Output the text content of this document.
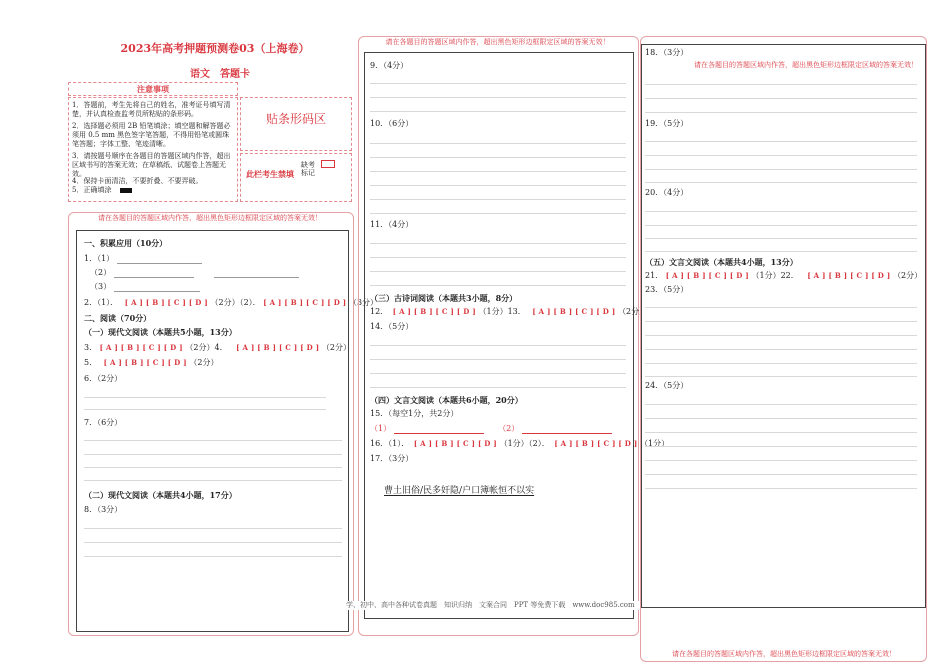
2023年高考押题预测卷03（上海卷）
语文　答题卡
注意事项
1．答题前，考生先将自己的姓名，准考证号填写清楚，并认真检查监考员所粘贴的条形码。
2．选择题必须用 2B 铅笔填涂；填空题和解答题必须用 0.5 mm 黑色签字笔答题，不得用铅笔或圆珠笔答题；字体工整、笔迹清晰。
3．请按题号顺序在各题目的答题区域内作答，超出区域书写的答案无效；在草稿纸、试题卷上答题无效。
4．保持卡面清洁，不要折叠、不要弄破。
5．正确填涂
贴条形码区
此栏考生禁填
缺考标记
请在各题目的答题区域内作答，超出黑色矩形边框限定区域的答案无效！
一、积累应用（10分）
1．（1）
（2）
（3）
2．（1）． [ A ] [ B ] [ C ] [ D ] （2分）（2）． [ A ] [ B ] [ C ] [ D ] （3分）
二、阅读（70分）
（一）现代文阅读（本题共5小题，13分）
3． [ A ] [ B ] [ C ] [ D ] （2分）4． [ A ] [ B ] [ C ] [ D ] （2分）
5． [ A ] [ B ] [ C ] [ D ] （2分）
6．（2分）
7．（6分）
（二）现代文阅读（本题共4小题，17分）
8．（3分）
请在各题目的答题区域内作答，超出黑色矩形边框限定区域的答案无效！
9．（4分）
10．（6分）
11．（4分）
（三）古诗词阅读（本题共3小题，8分）
12． [ A ] [ B ] [ C ] [ D ] （1分）13． [ A ] [ B ] [ C ] [ D ] （2分）
14．（5分）
（四）文言文阅读（本题共6小题，20分）
15．（每空1分，共2分）
（1）	（2）
16．（1）． [ A ] [ B ] [ C ] [ D ] （1分）（2）． [ A ] [ B ] [ C ] [ D ] （1分）
17．（3分）
曹土旧俗/民多奸隐/户口簿帐恒不以实
学、初中、高中各种试卷真题　知识归纳　文案合同　PPT 等免费下载　www.doc985.com
18．（3分）
请在各题目的答题区域内作答，超出黑色矩形边框限定区域的答案无效！
19．（5分）
20．（4分）
（五）文言文阅读（本题共4小题，13分）
21． [ A ] [ B ] [ C ] [ D ] （1分）22． [ A ] [ B ] [ C ] [ D ] （2分）
23．（5分）
24．（5分）
请在各题目的答题区域内作答，超出黑色矩形边框限定区域的答案无效！
